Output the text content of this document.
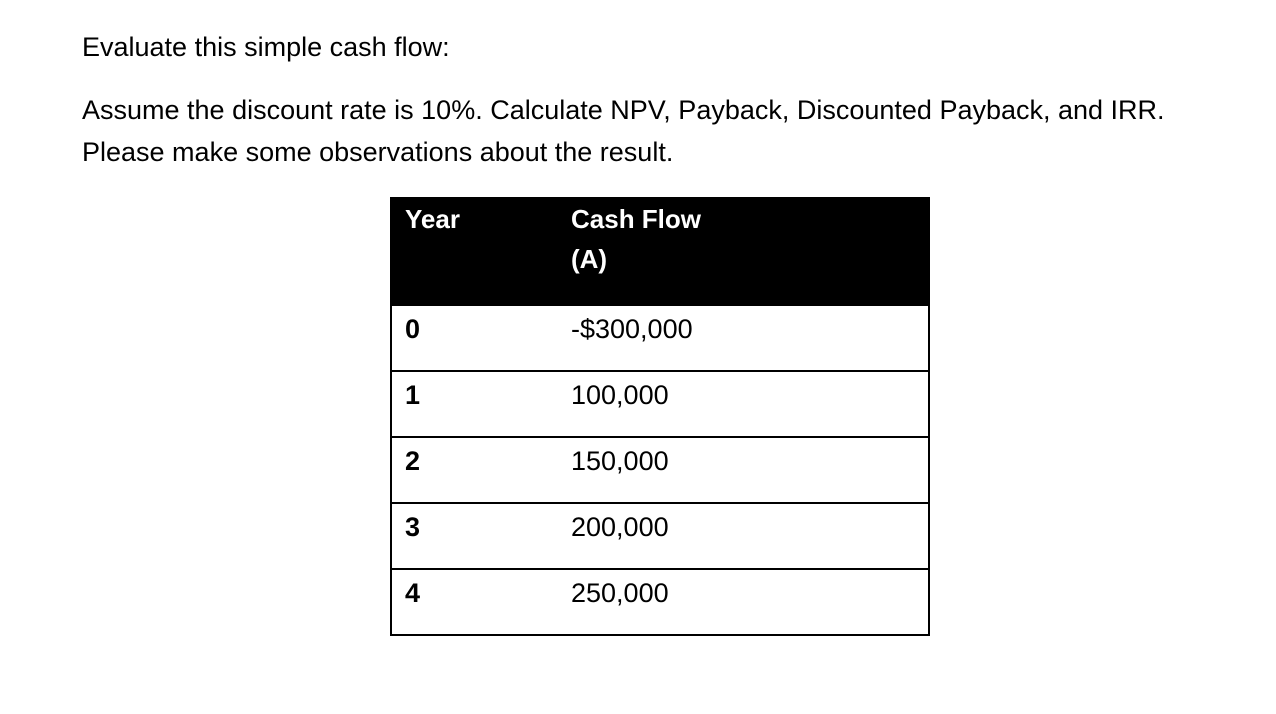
Evaluate this simple cash flow:

Assume the discount rate is 10%. Calculate NPV, Payback, Discounted Payback, and IRR. Please make some observations about the result.

Year	Cash Flow
(A)

0	-$300,000
1	100,000
2	150,000
3	200,000
4	250,000
